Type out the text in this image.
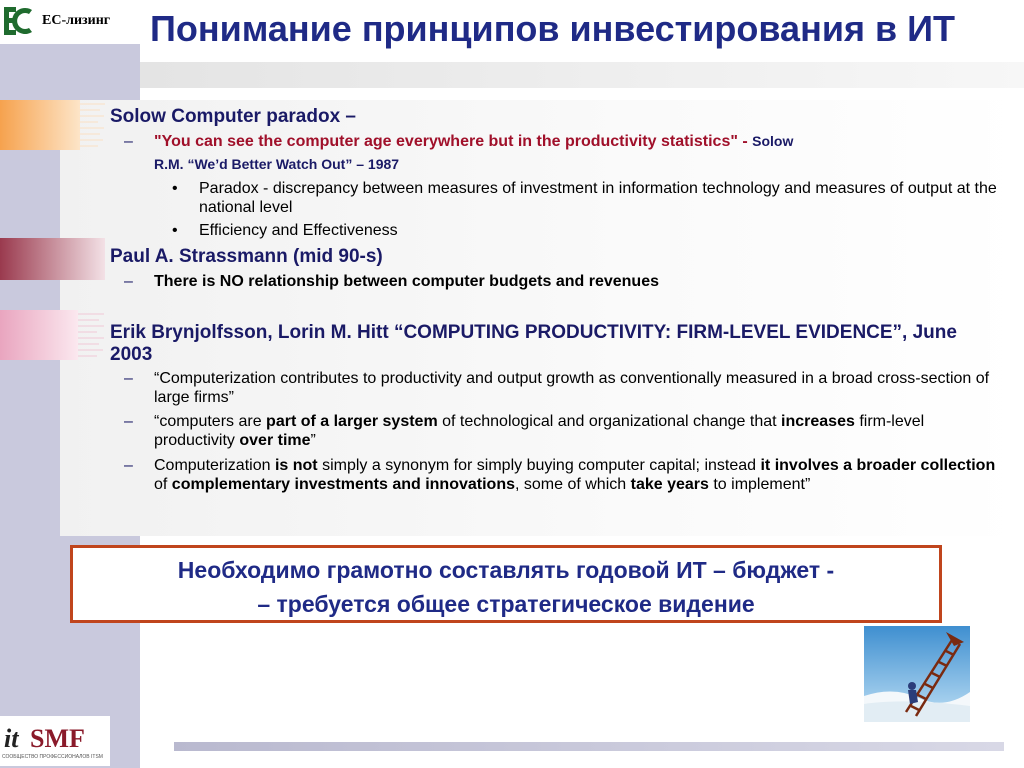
ЕС-лизинг Понимание принципов инвестирования в ИТ
Solow Computer paradox –
– "You can see the computer age everywhere but in the productivity statistics" - Solow
R.M. “We’d Better Watch Out” – 1987
• Paradox - discrepancy between measures of investment in information technology and measures of output at the national level
• Efficiency and Effectiveness
Paul A. Strassmann (mid 90-s)
– There is NO relationship between computer budgets and revenues
Erik Brynjolfsson, Lorin M. Hitt “COMPUTING PRODUCTIVITY: FIRM-LEVEL EVIDENCE”, June 2003
– “Computerization contributes to productivity and output growth as conventionally measured in a broad cross-section of large firms”
– “computers are part of a larger system of technological and organizational change that increases firm-level productivity over time”
– Computerization is not simply a synonym for simply buying computer capital; instead it involves a broader collection of complementary investments and innovations, some of which take years to implement”
Необходимо грамотно составлять годовой ИТ – бюджет -
– требуется общее стратегическое видение
it SMF
СООБЩЕСТВО ПРОФЕССИОНАЛОВ ITSM
